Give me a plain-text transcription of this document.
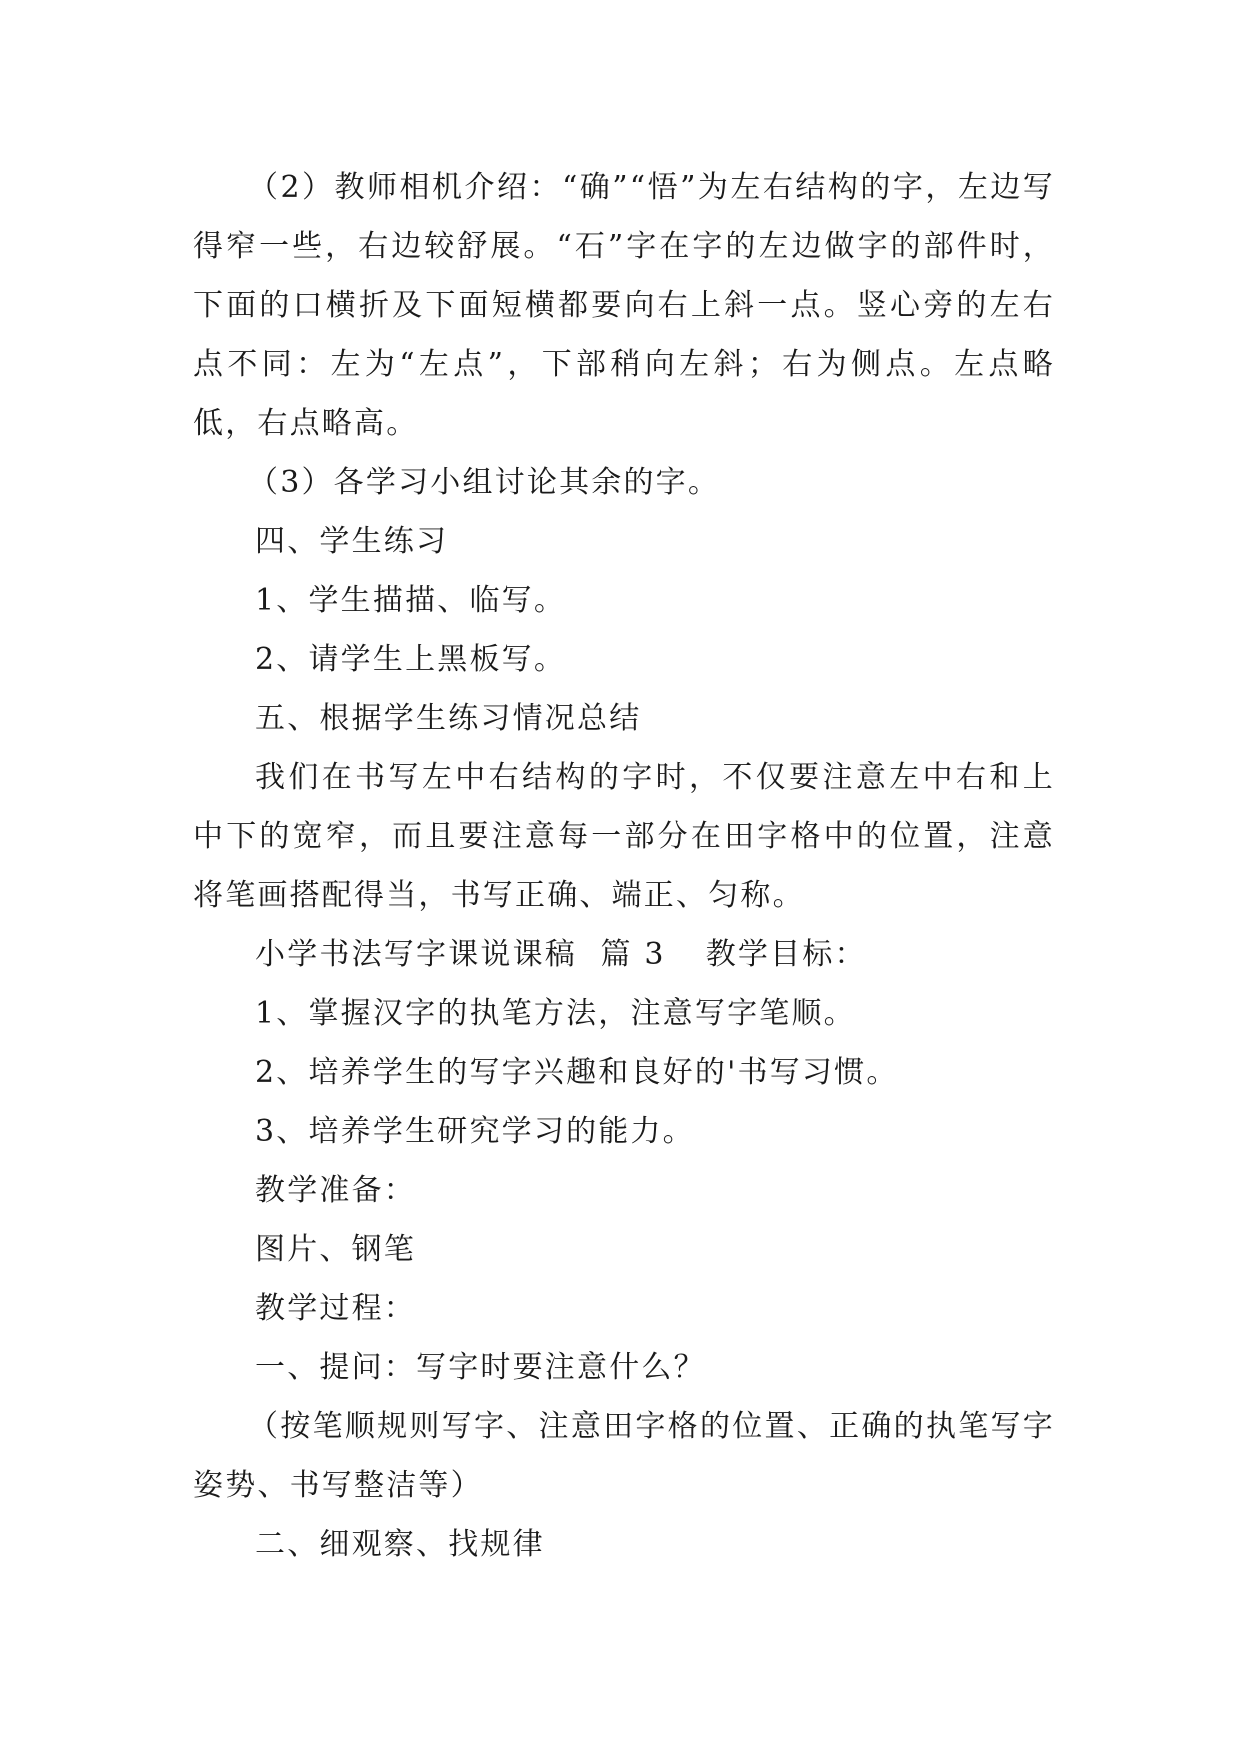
（2）教师相机介绍：“确”“悟”为左右结构的字，左边写得窄一些，右边较舒展。“石”字在字的左边做字的部件时，下面的口横折及下面短横都要向右上斜一点。竖心旁的左右点不同：左为“左点”，下部稍向左斜；右为侧点。左点略低，右点略高。

（3）各学习小组讨论其余的字。

四、学生练习

1、学生描描、临写。

2、请学生上黑板写。

五、根据学生练习情况总结

我们在书写左中右结构的字时，不仅要注意左中右和上中下的宽窄，而且要注意每一部分在田字格中的位置，注意将笔画搭配得当，书写正确、端正、匀称。

小学书法写字课说课稿 篇 3 教学目标：

1、掌握汉字的执笔方法，注意写字笔顺。

2、培养学生的写字兴趣和良好的'书写习惯。

3、培养学生研究学习的能力。

教学准备：

图片、钢笔

教学过程：

一、提问：写字时要注意什么？

（按笔顺规则写字、注意田字格的位置、正确的执笔写字姿势、书写整洁等）

二、细观察、找规律
